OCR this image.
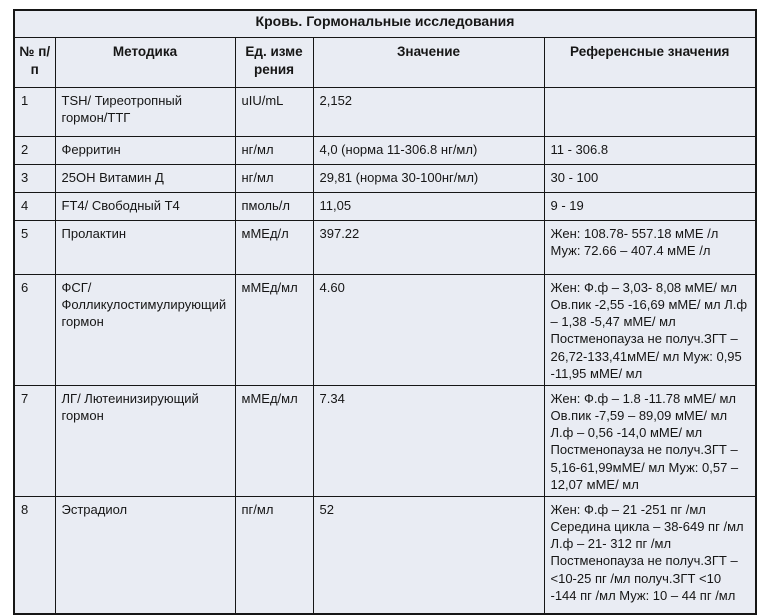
Кровь. Гормональные исследования				
№ п/п	Методика	Ед. изме рения	Значение	Референсные значения
1	TSH/ Тиреотропный гормон/ТТГ	uIU/mL	2,152	
2	Ферритин	нг/мл	4,0 (норма 11-306.8 нг/мл)	11 - 306.8
3	25OH Витамин Д	нг/мл	29,81 (норма 30-100нг/мл)	30 - 100
4	FT4/ Свободный Т4	пмоль/л	11,05	9 - 19
5	Пролактин	мМЕд/л	397.22	Жен: 108.78- 557.18 мМЕ /л Муж: 72.66 – 407.4 мМЕ /л
6	ФСГ/ Фолликулостимулирующий гормон	мМЕд/мл	4.60	Жен: Ф.ф – 3,03- 8,08 мМЕ/ мл Ов.пик -2,55 -16,69 мМЕ/ мл Л.ф – 1,38 -5,47 мМЕ/ мл Постменопауза не получ.ЗГТ – 26,72-133,41мМЕ/ мл Муж: 0,95 -11,95 мМЕ/ мл
7	ЛГ/ Лютеинизирующий гормон	мМЕд/мл	7.34	Жен: Ф.ф – 1.8 -11.78 мМЕ/ мл Ов.пик -7,59 – 89,09 мМЕ/ мл Л.ф – 0,56 -14,0 мМЕ/ мл Постменопауза не получ.ЗГТ – 5,16-61,99мМЕ/ мл Муж: 0,57 – 12,07 мМЕ/ мл
8	Эстрадиол	пг/мл	52	Жен: Ф.ф – 21 -251 пг /мл Середина цикла – 38-649 пг /мл Л.ф – 21- 312 пг /мл Постменопауза не получ.ЗГТ – <10-25 пг /мл получ.ЗГТ <10 -144 пг /мл Муж: 10 – 44 пг /мл
